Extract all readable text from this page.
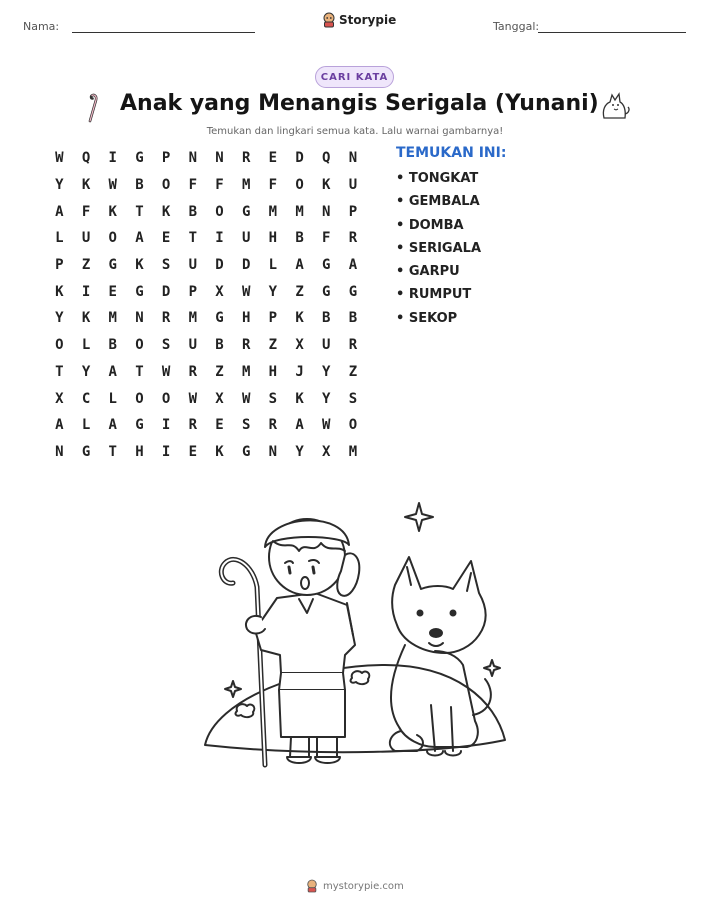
Nama:	Storypie	Tanggal:
CARI KATA
Anak yang Menangis Serigala (Yunani)
Temukan dan lingkari semua kata. Lalu warnai gambarnya!
W	Q	I	G	P	N	N	R	E	D	Q	N
Y	K	W	B	O	F	F	M	F	O	K	U
A	F	K	T	K	B	O	G	M	M	N	P
L	U	O	A	E	T	I	U	H	B	F	R
P	Z	G	K	S	U	D	D	L	A	G	A
K	I	E	G	D	P	X	W	Y	Z	G	G
Y	K	M	N	R	M	G	H	P	K	B	B
O	L	B	O	S	U	B	R	Z	X	U	R
T	Y	A	T	W	R	Z	M	H	J	Y	Z
X	C	L	O	O	W	X	W	S	K	Y	S
A	L	A	G	I	R	E	S	R	A	W	O
N	G	T	H	I	E	K	G	N	Y	X	M
TEMUKAN INI:
• TONGKAT
• GEMBALA
• DOMBA
• SERIGALA
• GARPU
• RUMPUT
• SEKOP
mystorypie.com
